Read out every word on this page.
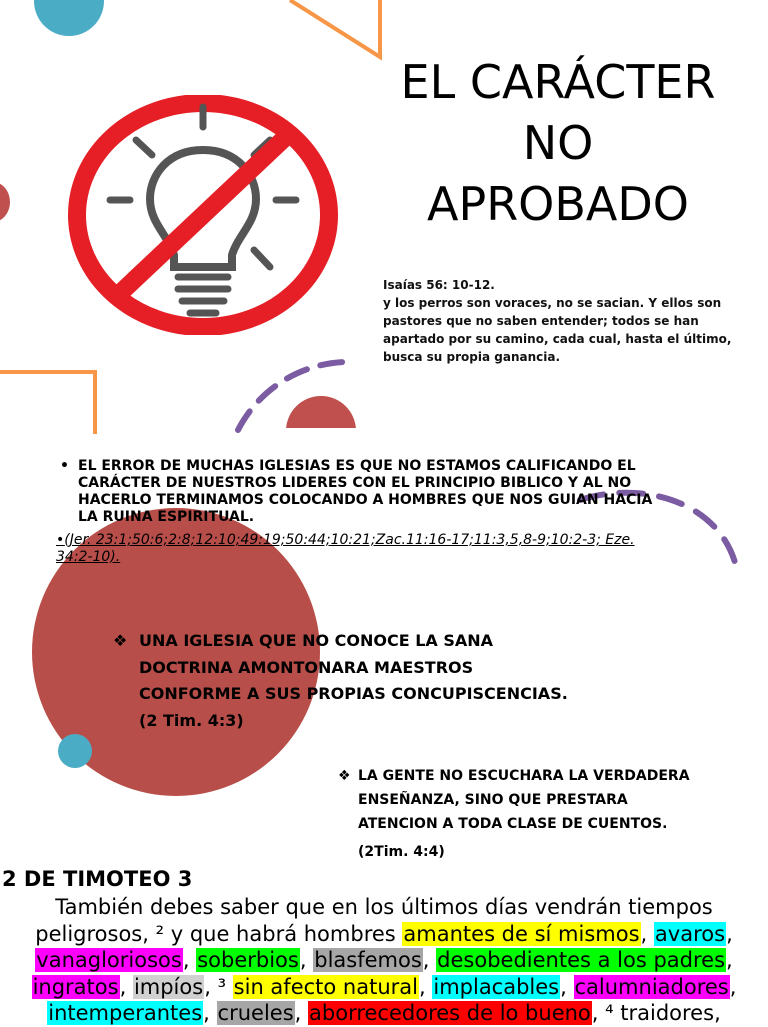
EL CARÁCTER
NO
APROBADO
Isaías 56: 10-12.
y los perros son voraces, no se sacian. Y ellos son pastores que no saben entender; todos se han apartado por su camino, cada cual, hasta el último, busca su propia ganancia.
• EL ERROR DE MUCHAS IGLESIAS ES QUE NO ESTAMOS CALIFICANDO EL CARÁCTER DE NUESTROS LIDERES CON EL PRINCIPIO BIBLICO Y AL NO HACERLO TERMINAMOS COLOCANDO A HOMBRES QUE NOS GUIAN HACIA LA RUINA ESPIRITUAL.
•(Jer. 23:1;50:6;2:8;12:10;49:19;50:44;10:21;Zac.11:16-17;11:3,5,8-9;10:2-3; Eze. 34:2-10).
❖ UNA IGLESIA QUE NO CONOCE LA SANA
DOCTRINA AMONTONARA MAESTROS
CONFORME A SUS PROPIAS CONCUPISCENCIAS.
(2 Tim. 4:3)
❖ LA GENTE NO ESCUCHARA LA VERDADERA
ENSEÑANZA, SINO QUE PRESTARA
ATENCION A TODA CLASE DE CUENTOS.
(2Tim. 4:4)
2 DE TIMOTEO 3
También debes saber que en los últimos días vendrán tiempos
peligrosos, ² y que habrá hombres amantes de sí mismos, avaros,
vanagloriosos, soberbios, blasfemos, desobedientes a los padres,
ingratos, impíos, ³ sin afecto natural, implacables, calumniadores,
intemperantes, crueles, aborrecedores de lo bueno, ⁴ traidores,
